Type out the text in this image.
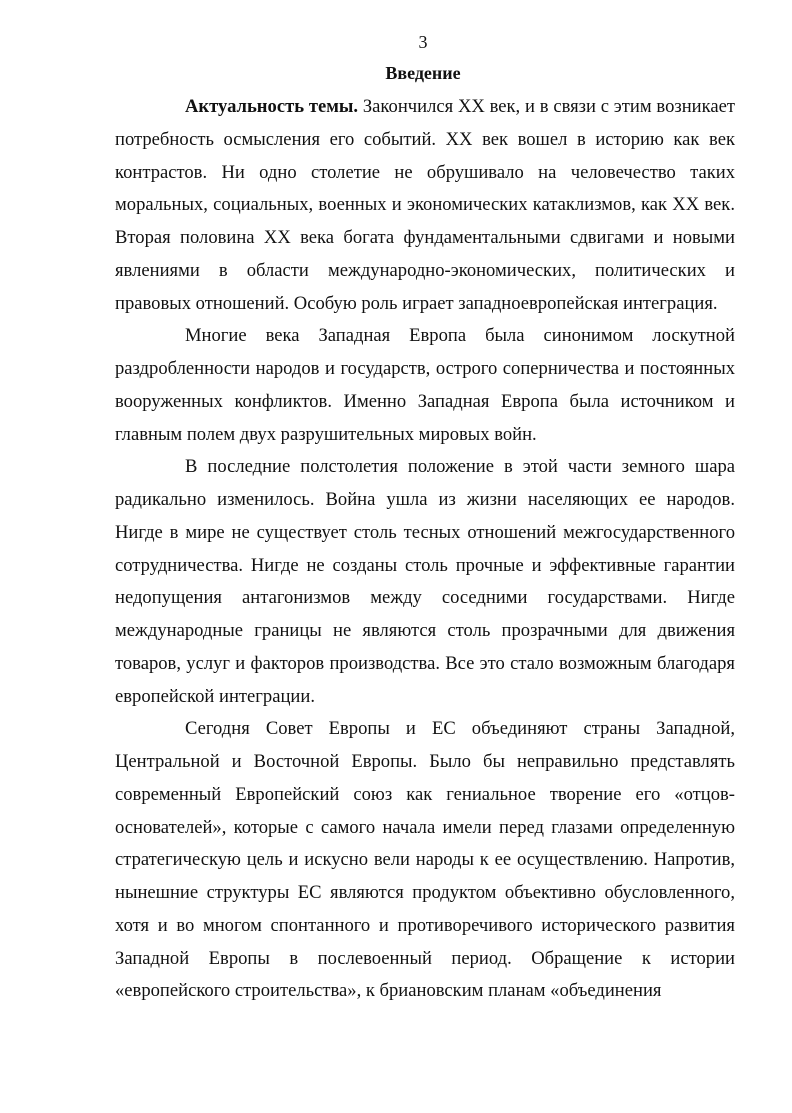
3
Введение

Актуальность темы. Закончился XX век, и в связи с этим возникает потребность осмысления его событий. XX век вошел в историю как век контрастов. Ни одно столетие не обрушивало на человечество таких моральных, социальных, военных и экономических катаклизмов, как XX век. Вторая половина XX века богата фундаментальными сдвигами и новыми явлениями в области международно-экономических, политических и правовых отношений. Особую роль играет западноевропейская интеграция.

Многие века Западная Европа была синонимом лоскутной раздробленности народов и государств, острого соперничества и постоянных вооруженных конфликтов. Именно Западная Европа была источником и главным полем двух разрушительных мировых войн.

В последние полстолетия положение в этой части земного шара радикально изменилось. Война ушла из жизни населяющих ее народов. Нигде в мире не существует столь тесных отношений межгосударственного сотрудничества. Нигде не созданы столь прочные и эффективные гарантии недопущения антагонизмов между соседними государствами. Нигде международные границы не являются столь прозрачными для движения товаров, услуг и факторов производства. Все это стало возможным благодаря европейской интеграции.

Сегодня Совет Европы и ЕС объединяют страны Западной, Центральной и Восточной Европы. Было бы неправильно представлять современный Европейский союз как гениальное творение его «отцов-основателей», которые с самого начала имели перед глазами определенную стратегическую цель и искусно вели народы к ее осуществлению. Напротив, нынешние структуры ЕС являются продуктом объективно обусловленного, хотя и во многом спонтанного и противоречивого исторического развития Западной Европы в послевоенный период. Обращение к истории «европейского строительства», к бриановским планам «объединения
